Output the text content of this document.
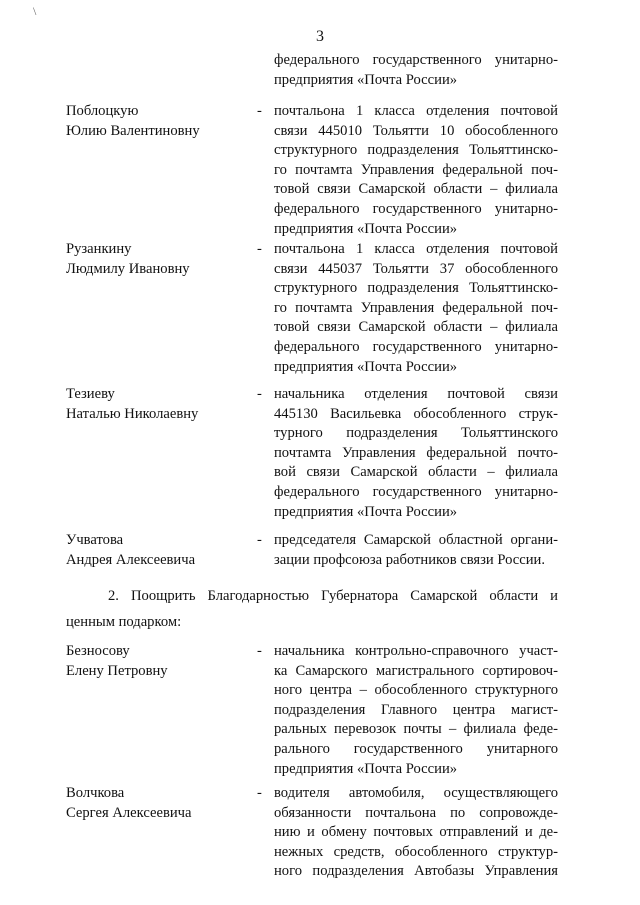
\
3
федерального государственного унитарно-
предприятия «Почта России»
Поблоцкую
Юлию Валентиновну
- почтальона 1 класса отделения почтовой
связи 445010 Тольятти 10 обособленного
структурного подразделения Тольяттинско-
го почтамта Управления федеральной поч-
товой связи Самарской области – филиала
федерального государственного унитарно-
предприятия «Почта России»
Рузанкину
Людмилу Ивановну
- почтальона 1 класса отделения почтовой
связи 445037 Тольятти 37 обособленного
структурного подразделения Тольяттинско-
го почтамта Управления федеральной поч-
товой связи Самарской области – филиала
федерального государственного унитарно-
предприятия «Почта России»
Тезиеву
Наталью Николаевну
- начальника отделения почтовой связи
445130 Васильевка обособленного струк-
турного подразделения Тольяттинского
почтамта Управления федеральной почто-
вой связи Самарской области – филиала
федерального государственного унитарно-
предприятия «Почта России»
Учватова
Андрея Алексеевича
- председателя Самарской областной органи-
зации профсоюза работников связи России.
2. Поощрить Благодарностью Губернатора Самарской области и
ценным подарком:
Безносову
Елену Петровну
- начальника контрольно-справочного участ-
ка Самарского магистрального сортировоч-
ного центра – обособленного структурного
подразделения Главного центра магист-
ральных перевозок почты – филиала феде-
рального государственного унитарного
предприятия «Почта России»
Волчкова
Сергея Алексеевича
- водителя автомобиля, осуществляющего
обязанности почтальона по сопровожде-
нию и обмену почтовых отправлений и де-
нежных средств, обособленного структур-
ного подразделения Автобазы Управления
